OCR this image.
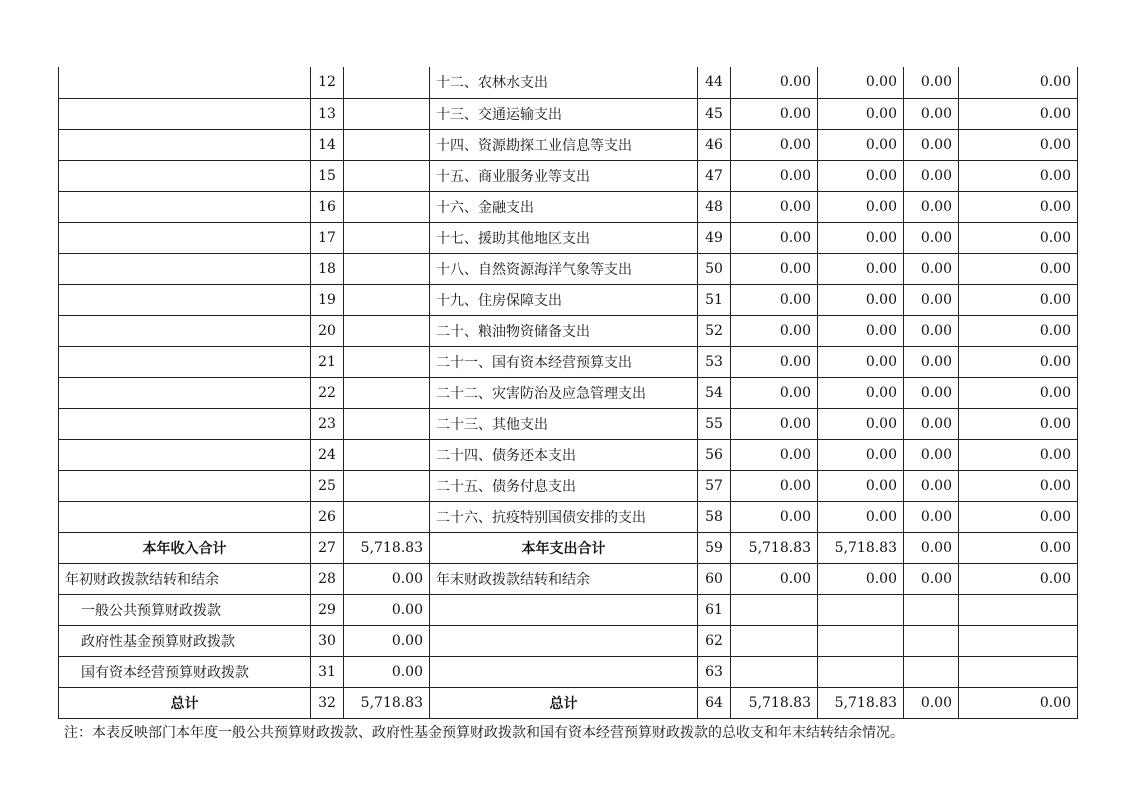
	12		十二、农林水支出	44	0.00	0.00	0.00	0.00
	13		十三、交通运输支出	45	0.00	0.00	0.00	0.00
	14		十四、资源勘探工业信息等支出	46	0.00	0.00	0.00	0.00
	15		十五、商业服务业等支出	47	0.00	0.00	0.00	0.00
	16		十六、金融支出	48	0.00	0.00	0.00	0.00
	17		十七、援助其他地区支出	49	0.00	0.00	0.00	0.00
	18		十八、自然资源海洋气象等支出	50	0.00	0.00	0.00	0.00
	19		十九、住房保障支出	51	0.00	0.00	0.00	0.00
	20		二十、粮油物资储备支出	52	0.00	0.00	0.00	0.00
	21		二十一、国有资本经营预算支出	53	0.00	0.00	0.00	0.00
	22		二十二、灾害防治及应急管理支出	54	0.00	0.00	0.00	0.00
	23		二十三、其他支出	55	0.00	0.00	0.00	0.00
	24		二十四、债务还本支出	56	0.00	0.00	0.00	0.00
	25		二十五、债务付息支出	57	0.00	0.00	0.00	0.00
	26		二十六、抗疫特别国债安排的支出	58	0.00	0.00	0.00	0.00
本年收入合计	27	5,718.83	本年支出合计	59	5,718.83	5,718.83	0.00	0.00
年初财政拨款结转和结余	28	0.00	年末财政拨款结转和结余	60	0.00	0.00	0.00	0.00
一般公共预算财政拨款	29	0.00		61				
政府性基金预算财政拨款	30	0.00		62				
国有资本经营预算财政拨款	31	0.00		63				
总计	32	5,718.83	总计	64	5,718.83	5,718.83	0.00	0.00
注：本表反映部门本年度一般公共预算财政拨款、政府性基金预算财政拨款和国有资本经营预算财政拨款的总收支和年末结转结余情况。
